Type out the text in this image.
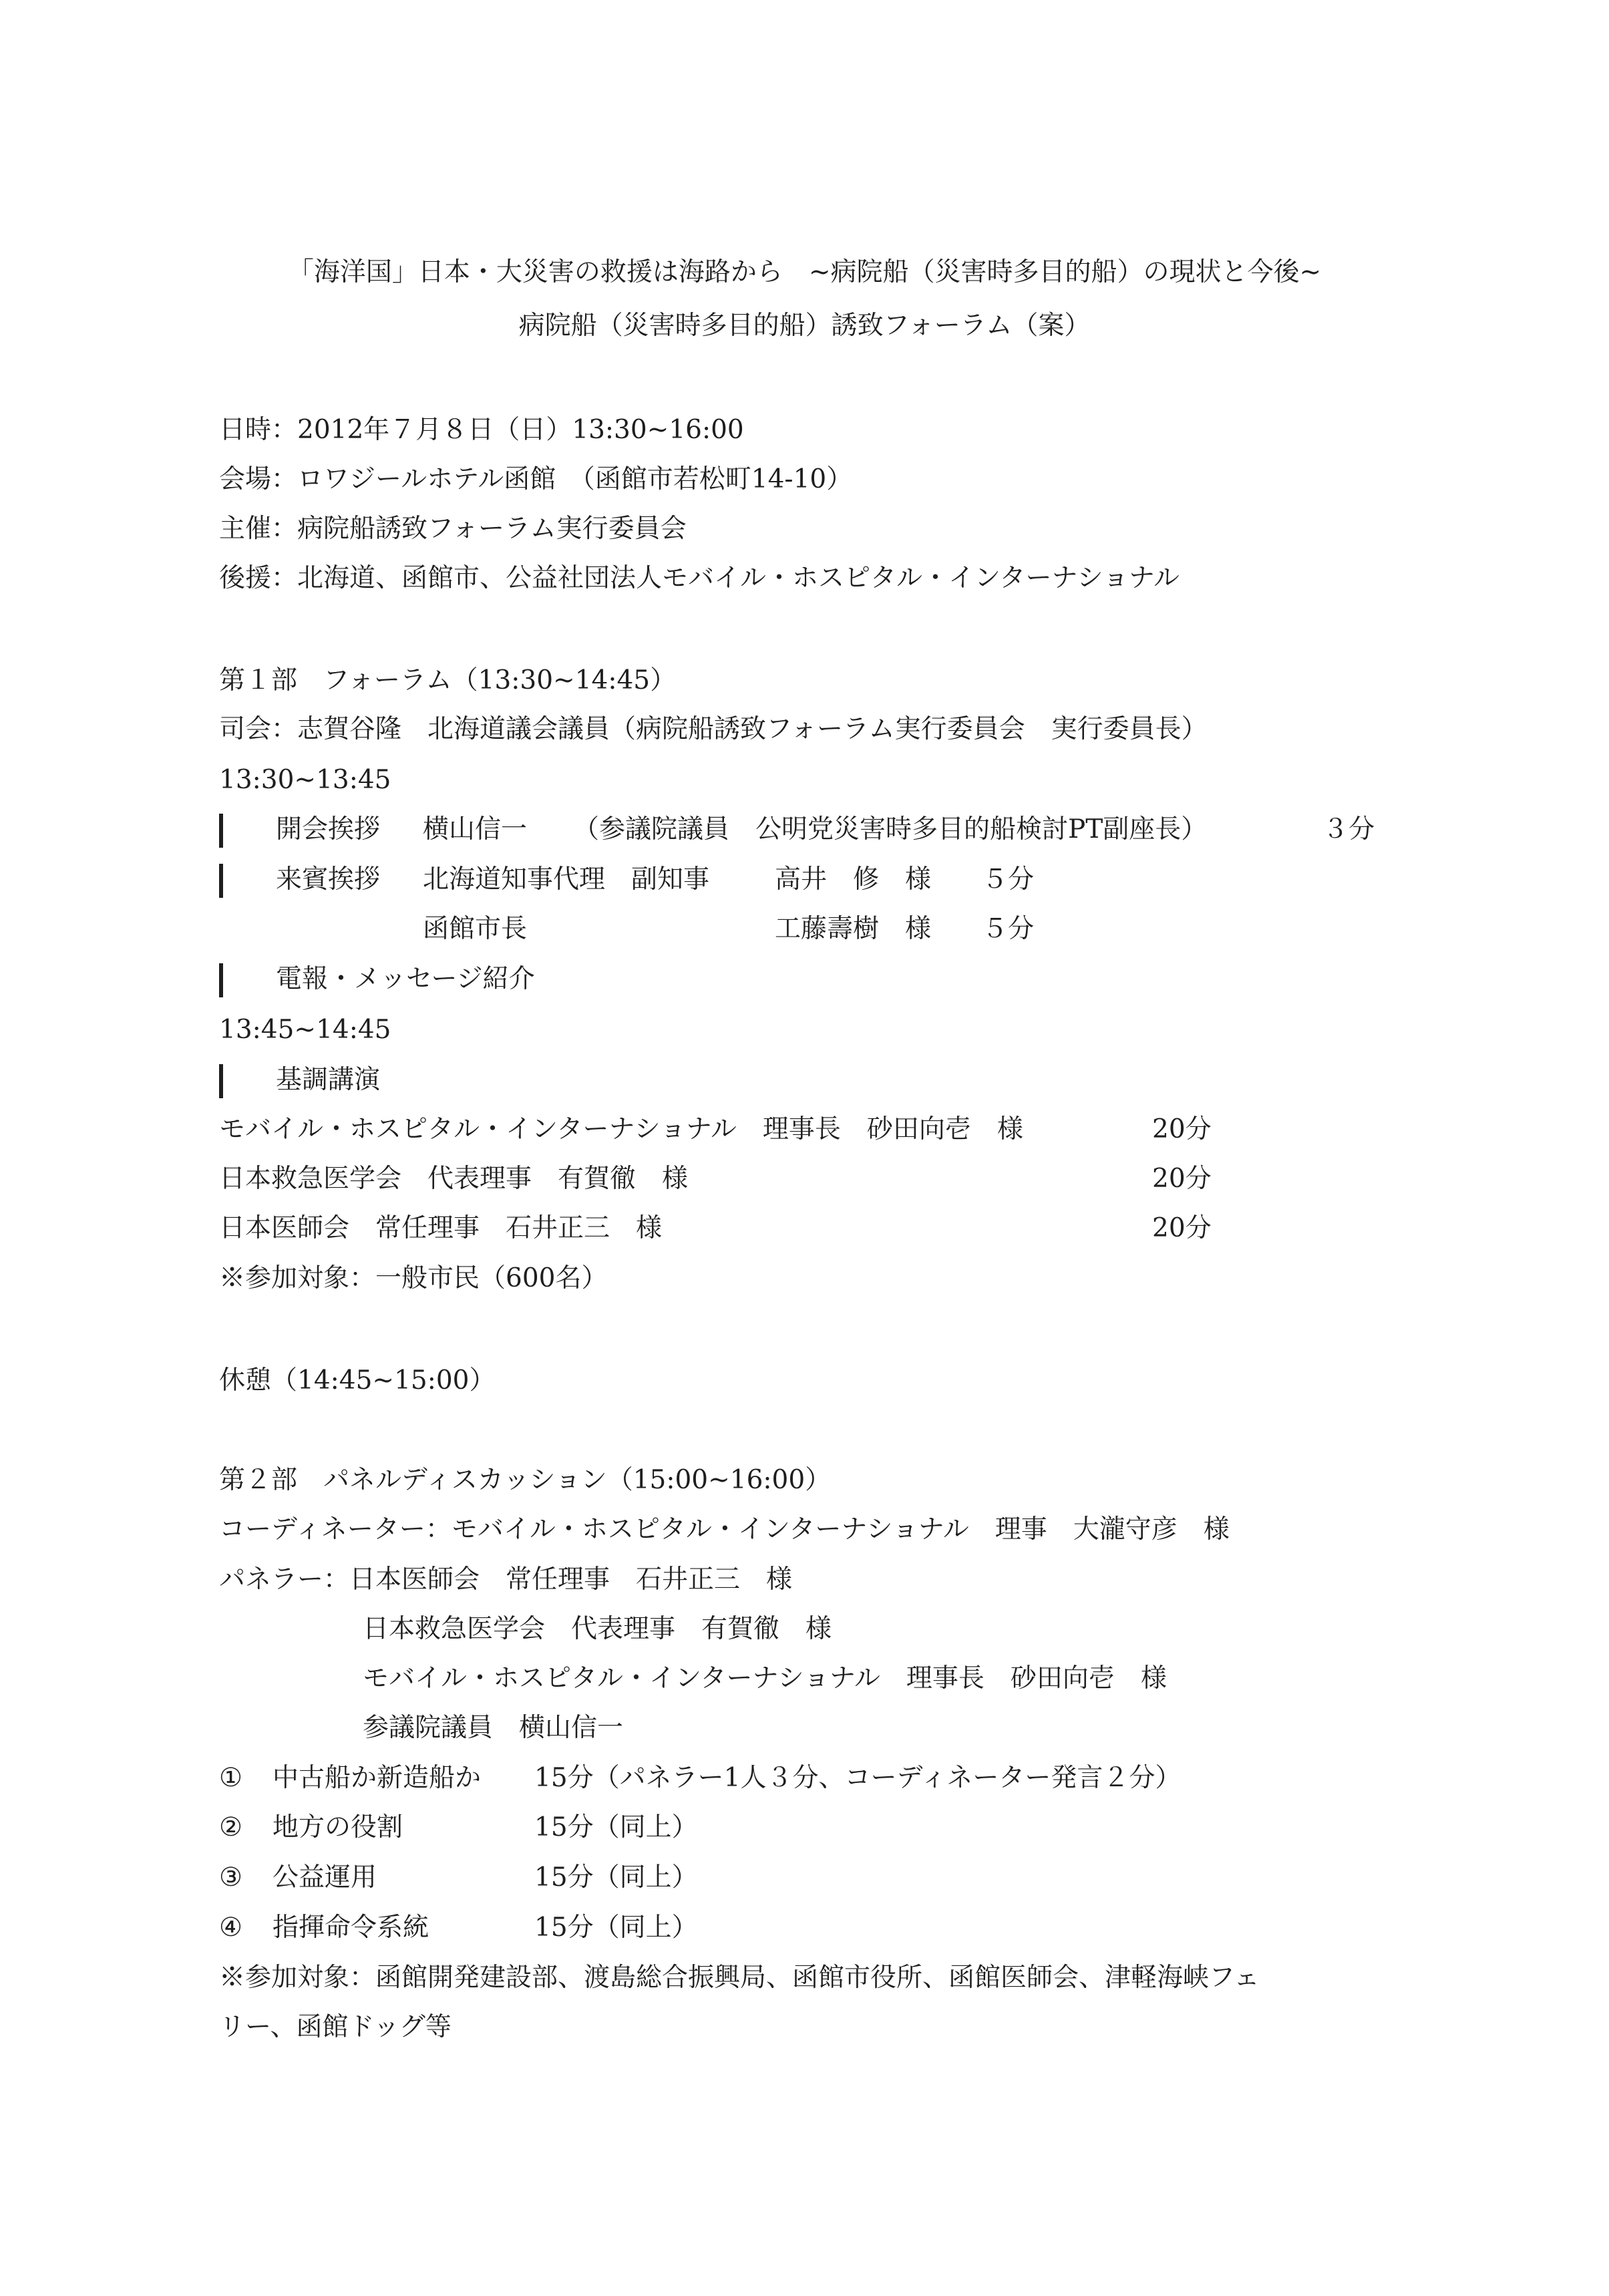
「海洋国」日本・大災害の救援は海路から　~病院船（災害時多目的船）の現状と今後~
病院船（災害時多目的船）誘致フォーラム（案）
日時：2012年７月８日（日）13:30~16:00
会場：ロワジールホテル函館　（函館市若松町14-10）
主催：病院船誘致フォーラム実行委員会
後援：北海道、函館市、公益社団法人モバイル・ホスピタル・インターナショナル
第１部　フォーラム（13:30~14:45）
司会：志賀谷隆　北海道議会議員（病院船誘致フォーラム実行委員会　実行委員長）
13:30~13:45
開会挨拶 横山信一 （参議院議員　公明党災害時多目的船検討PT副座長）	３分
来賓挨拶 北海道知事代理　副知事	高井　修　様 ５分
函館市長	工藤壽樹　様 ５分
電報・メッセージ紹介
13:45~14:45
基調講演
モバイル・ホスピタル・インターナショナル　理事長　砂田向壱　様	20分
日本救急医学会　代表理事　有賀徹　様	20分
日本医師会　常任理事　石井正三　様	20分
※参加対象：一般市民（600名）
休憩（14:45~15:00）
第２部　パネルディスカッション（15:00~16:00）
コーディネーター：モバイル・ホスピタル・インターナショナル　理事　大瀧守彦　様
パネラー：日本医師会　常任理事　石井正三　様
日本救急医学会　代表理事　有賀徹　様
モバイル・ホスピタル・インターナショナル　理事長　砂田向壱　様
参議院議員　横山信一
① 中古船か新造船か 15分（パネラー1人３分、コーディネーター発言２分）
② 地方の役割	15分（同上）
③ 公益運用	15分（同上）
④ 指揮命令系統	15分（同上）
※参加対象：函館開発建設部、渡島総合振興局、函館市役所、函館医師会、津軽海峡フェ
リー、函館ドッグ等
